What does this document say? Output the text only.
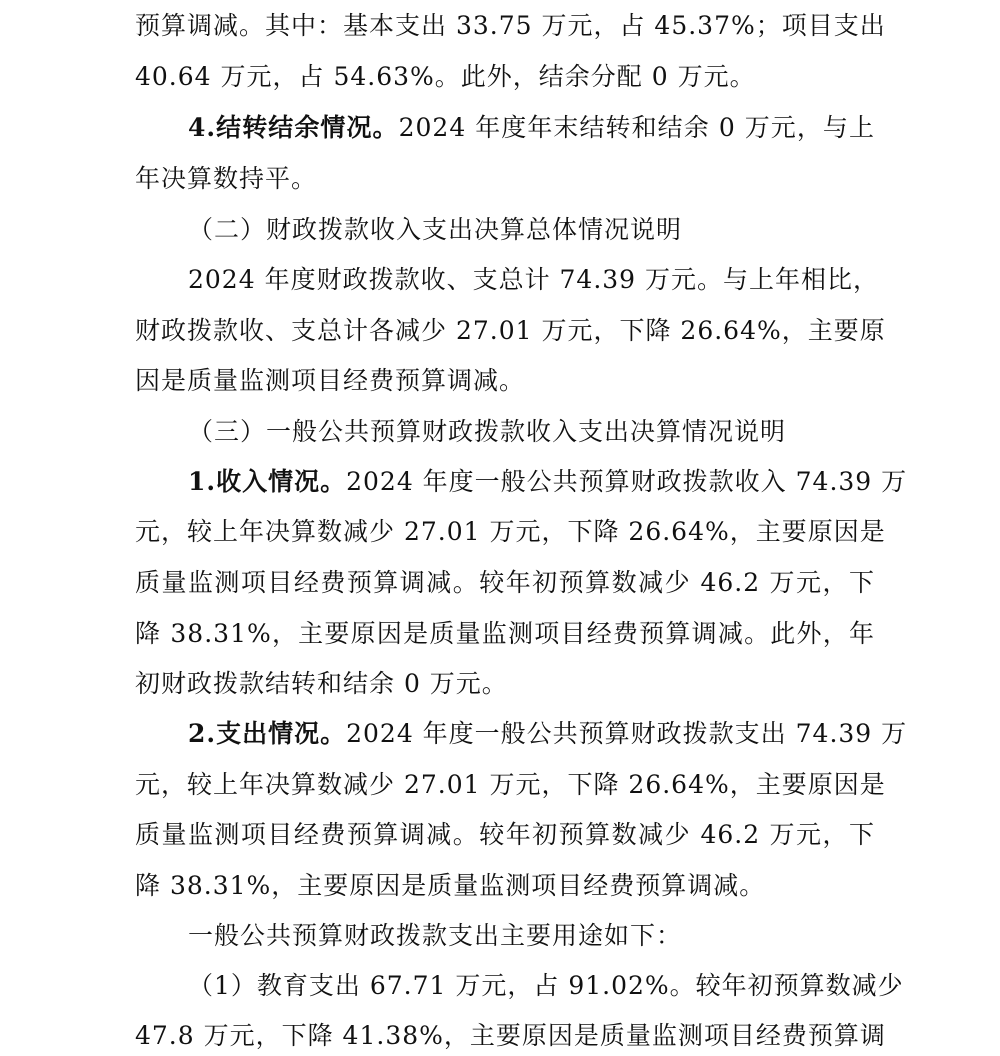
预算调减。其中：基本支出 33.75 万元，占 45.37%；项目支出
40.64 万元，占 54.63%。此外，结余分配 0 万元。
4.结转结余情况。2024 年度年末结转和结余 0 万元，与上
年决算数持平。
（二）财政拨款收入支出决算总体情况说明
2024 年度财政拨款收、支总计 74.39 万元。与上年相比，
财政拨款收、支总计各减少 27.01 万元，下降 26.64%，主要原
因是质量监测项目经费预算调减。
（三）一般公共预算财政拨款收入支出决算情况说明
1.收入情况。2024 年度一般公共预算财政拨款收入 74.39 万
元，较上年决算数减少 27.01 万元，下降 26.64%，主要原因是
质量监测项目经费预算调减。较年初预算数减少 46.2 万元，下
降 38.31%，主要原因是质量监测项目经费预算调减。此外，年
初财政拨款结转和结余 0 万元。
2.支出情况。2024 年度一般公共预算财政拨款支出 74.39 万
元，较上年决算数减少 27.01 万元，下降 26.64%，主要原因是
质量监测项目经费预算调减。较年初预算数减少 46.2 万元，下
降 38.31%，主要原因是质量监测项目经费预算调减。
一般公共预算财政拨款支出主要用途如下：
（1）教育支出 67.71 万元，占 91.02%。较年初预算数减少
47.8 万元，下降 41.38%，主要原因是质量监测项目经费预算调
